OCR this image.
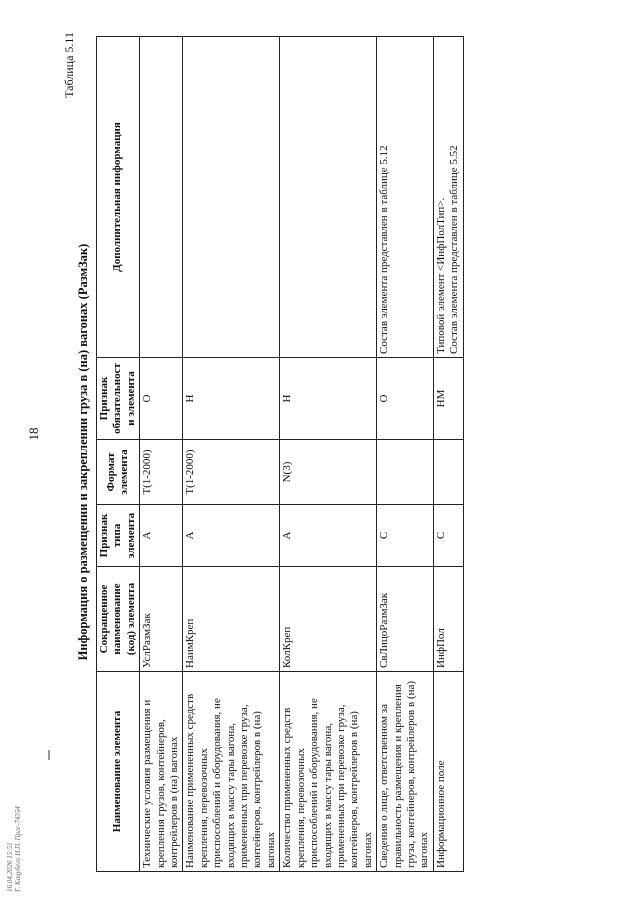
18
Таблица 5.11
Информация о размещении и закреплении груза в (на) вагонах (РазмЗак)
Наименование элемента	Сокращенное наименование (код) элемента	Признак типа элемента	Формат элемента	Признак обязательности элемента	Дополнительная информация
Технические условия размещения и крепления грузов, контейнеров, контрейлеров в (на) вагонах	УслРазмЗак	А	T(1-2000)	О	
Наименование примененных средств крепления, перевозочных приспособлений и оборудования, не входящих в массу тары вагона, примененных при перевозке груза, контейнеров, контрейлеров в (на) вагонах	НаимКреп	А	T(1-2000)	Н	
Количество примененных средств крепления, перевозочных приспособлений и оборудования, не входящих в массу тары вагона, примененных при перевозке груза, контейнеров, контрейлеров в (на) вагонах	КолКреп	А	N(3)	Н	
Сведения о лице, ответственном за правильность размещения и крепления груза, контейнеров, контрейлеров в (на) вагонах	СвЛицоРазмЗак	С		О	Состав элемента представлен в таблице 5.12
Информационное поле	ИнфПол	С		НМ	Типовой элемент <ИнфПолТип>.
Состав элемента представлен в таблице 5.52
16.04.2026 15:51 Г. Кацубего Н.П. Пргс-74354
